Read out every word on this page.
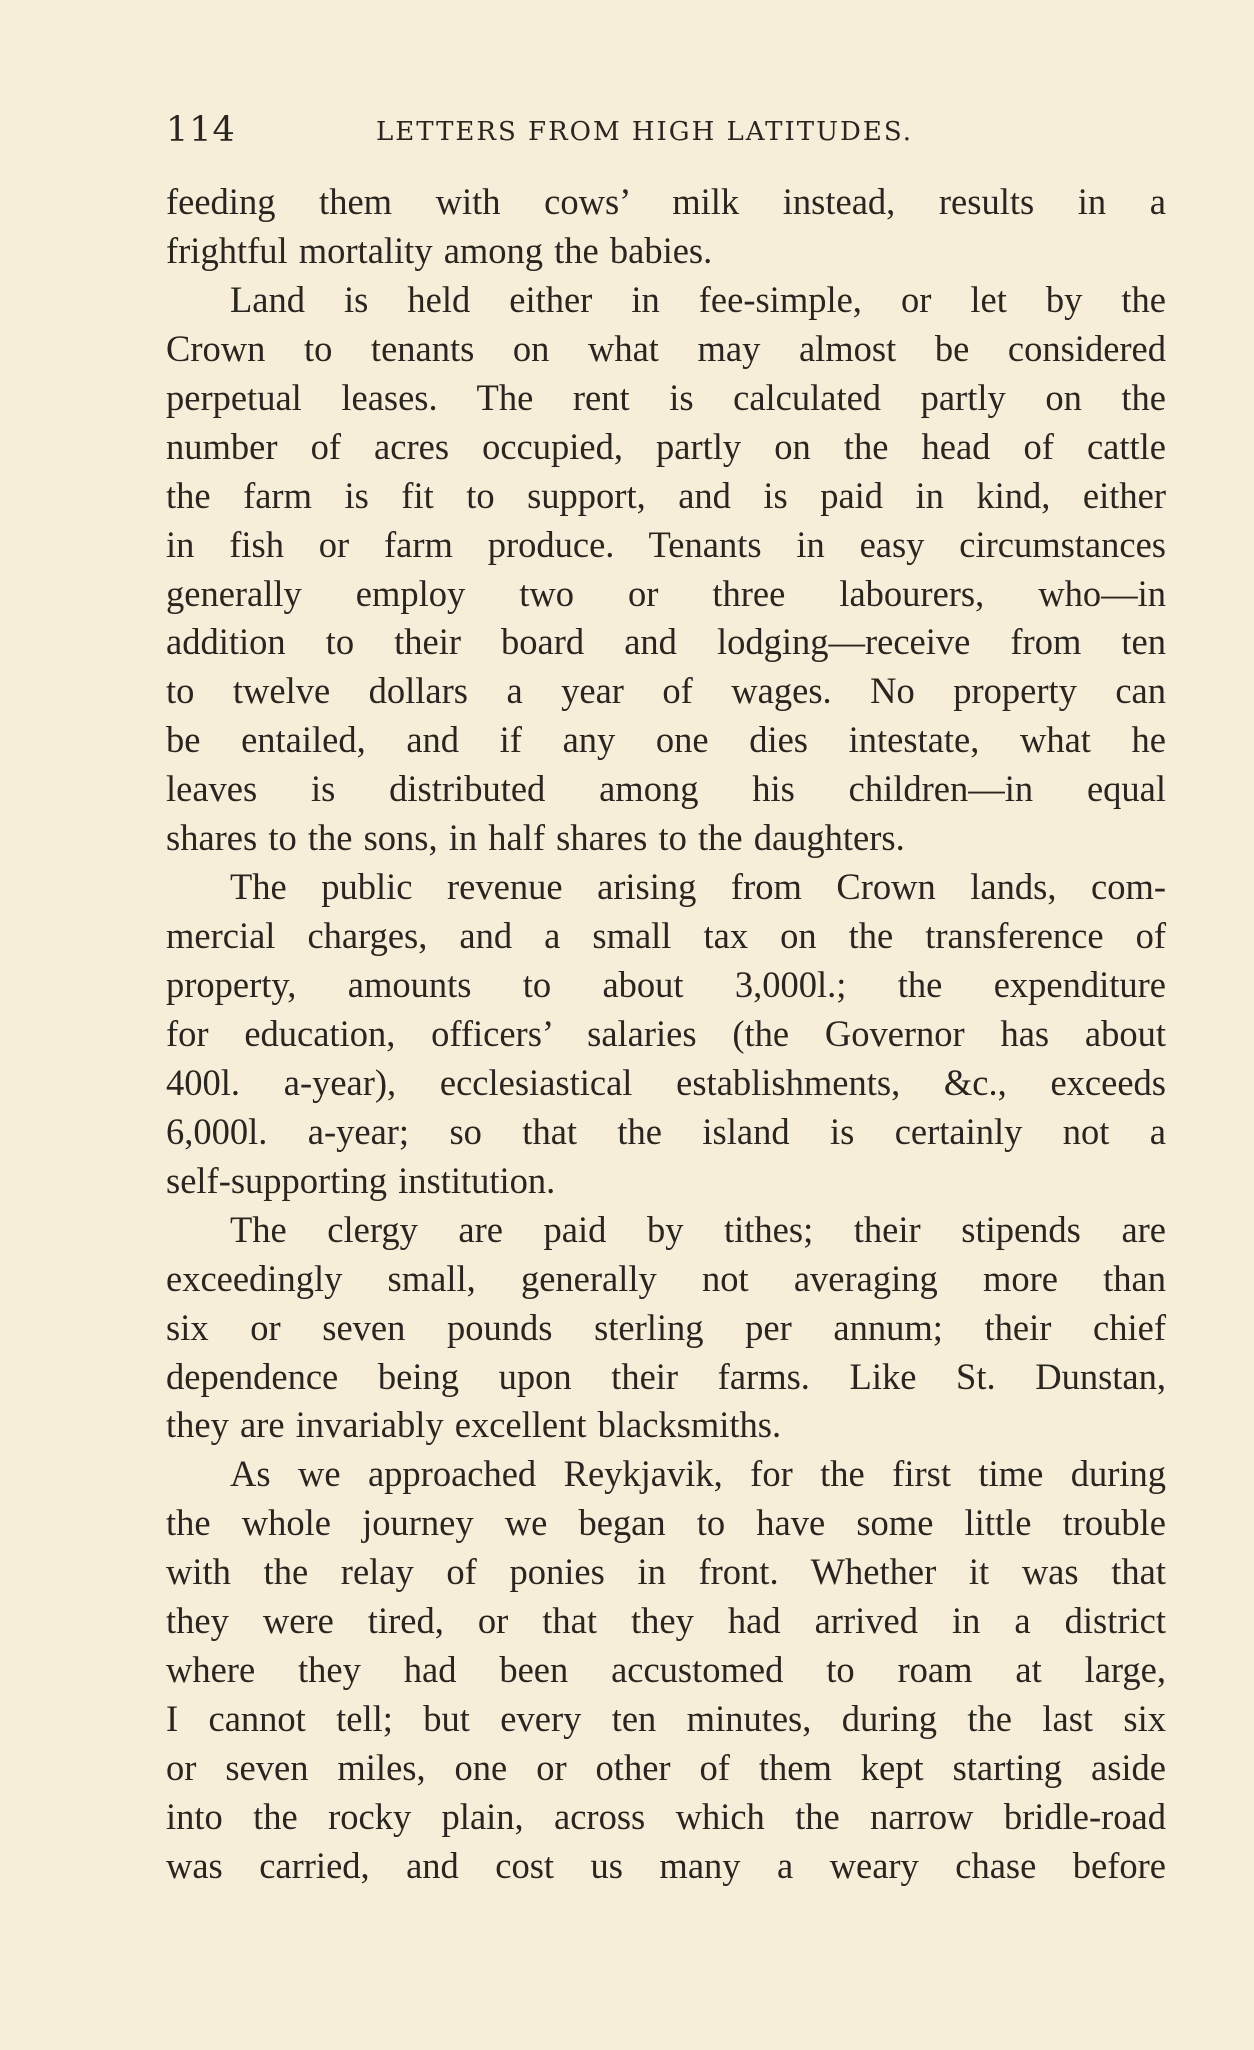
114	LETTERS FROM HIGH LATITUDES.
feeding them with cows’ milk instead, results in a
frightful mortality among the babies.
Land is held either in fee-simple, or let by the
Crown to tenants on what may almost be considered
perpetual leases. The rent is calculated partly on the
number of acres occupied, partly on the head of cattle
the farm is fit to support, and is paid in kind, either
in fish or farm produce. Tenants in easy circumstances
generally employ two or three labourers, who—in
addition to their board and lodging—receive from ten
to twelve dollars a year of wages. No property can
be entailed, and if any one dies intestate, what he
leaves is distributed among his children—in equal
shares to the sons, in half shares to the daughters.
The public revenue arising from Crown lands, com-
mercial charges, and a small tax on the transference of
property, amounts to about 3,000l.; the expenditure
for education, officers’ salaries (the Governor has about
400l. a-year), ecclesiastical establishments, &c., exceeds
6,000l. a-year; so that the island is certainly not a
self-supporting institution.
The clergy are paid by tithes; their stipends are
exceedingly small, generally not averaging more than
six or seven pounds sterling per annum; their chief
dependence being upon their farms. Like St. Dunstan,
they are invariably excellent blacksmiths.
As we approached Reykjavik, for the first time during
the whole journey we began to have some little trouble
with the relay of ponies in front. Whether it was that
they were tired, or that they had arrived in a district
where they had been accustomed to roam at large,
I cannot tell; but every ten minutes, during the last six
or seven miles, one or other of them kept starting aside
into the rocky plain, across which the narrow bridle-road
was carried, and cost us many a weary chase before
